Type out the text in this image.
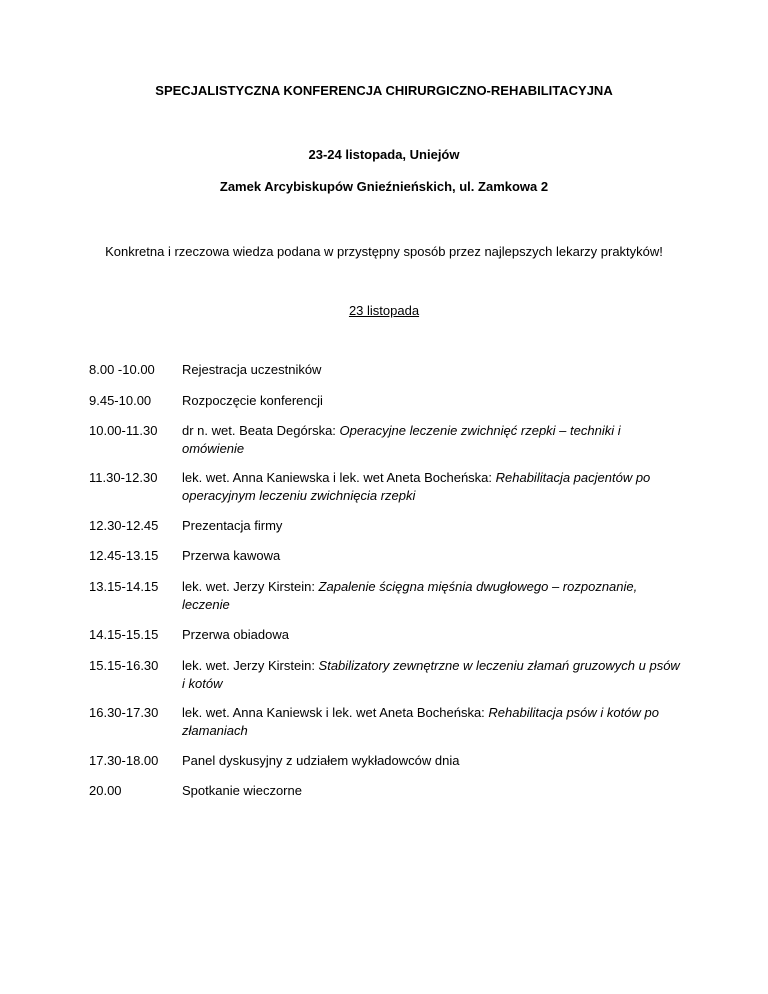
SPECJALISTYCZNA KONFERENCJA CHIRURGICZNO-REHABILITACYJNA
23-24 listopada, Uniejów
Zamek Arcybiskupów Gnieźnieńskich, ul. Zamkowa 2
Konkretna i rzeczowa wiedza podana w przystępny sposób przez najlepszych lekarzy praktyków!
23 listopada
8.00 -10.00	Rejestracja uczestników
9.45-10.00	Rozpoczęcie konferencji
10.00-11.30	dr n. wet. Beata Degórska: Operacyjne leczenie zwichnięć rzepki – techniki i omówienie
11.30-12.30	lek. wet. Anna Kaniewska i lek. wet Aneta Bocheńska: Rehabilitacja pacjentów po operacyjnym leczeniu zwichnięcia rzepki
12.30-12.45	Prezentacja firmy
12.45-13.15	Przerwa kawowa
13.15-14.15	lek. wet. Jerzy Kirstein: Zapalenie ścięgna mięśnia dwugłowego – rozpoznanie, leczenie
14.15-15.15	Przerwa obiadowa
15.15-16.30	lek. wet. Jerzy Kirstein: Stabilizatory zewnętrzne w leczeniu złamań gruzowych u psów i kotów
16.30-17.30	lek. wet. Anna Kaniewsk i lek. wet Aneta Bocheńska: Rehabilitacja psów i kotów po złamaniach
17.30-18.00	Panel dyskusyjny z udziałem wykładowców dnia
20.00	Spotkanie wieczorne
